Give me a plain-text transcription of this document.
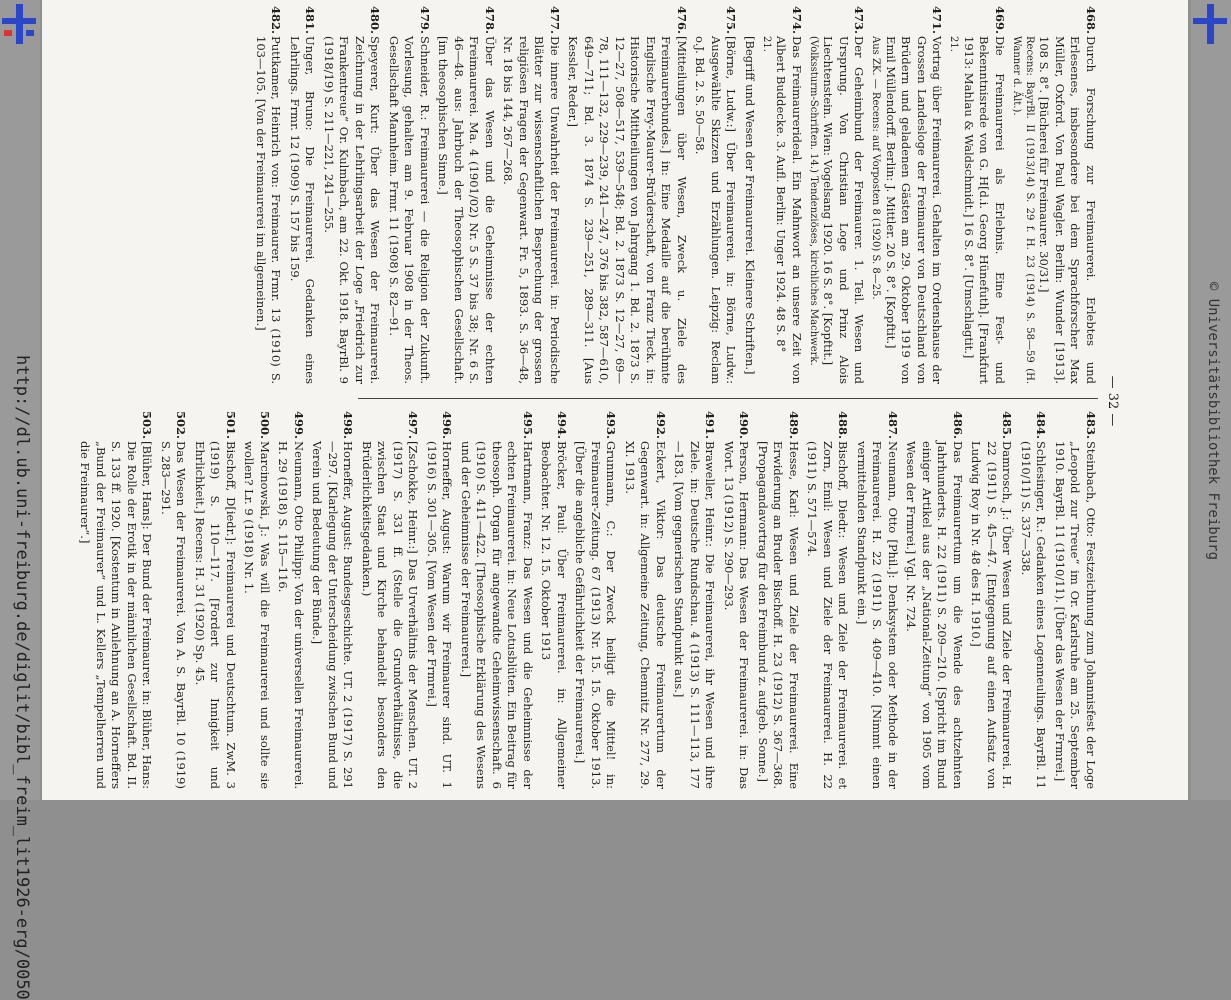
http://dl.ub.uni-freiburg.de/diglit/bibl_freim_lit1926-erg/0050	— 32 —
468.
Durch Forschung zur Freimaurerei. Erlebtes und Erlesenes, insbesondere bei dem Sprachforscher Max Müller, Oxford. Von Paul Wagler. Berlin: Wunder [1913]. 108 S. 8°. [Bücherei für Freimaurer. 30/31.]
Recens: BayrBl. II (1913/14) S. 29 f. H. 23 (1914) S. 58—59 (H. Wanner d. Ält.).
469.
Die Freimaurerei als Erlebnis. Eine Fest- und Bekenntnisrede von G. H[d.i. Georg Hünefuth]. [Frankfurt 1913: Mahlau & Waldschmidt.] 16 S. 8°. [Umschlagtit.]
21.
471.
Vortrag über Freimaurerei. Gehalten im Ordenshause der Grossen Landesloge der Freimaurer von Deutschland von Brüdern und geladenen Gästen am 29. Oktober 1919 von Emil Müllendorff. Berlin: J. Mittler. 20 S. 8°. [Kopftit.]
Aus ZK. — Recens: auf Vorposten 8 (1920) S. 8—25.
473.
Der Geheimbund der Freimaurer. 1. Teil. Wesen und Ursprung. Von Christian Loge und Prinz Alois Liechtenstein. Wien: Vogelsang 1920. 16 S. 8°. [Kopftit.]
(Volkssturm-Schriften. 14.) Tendenziöses, kirchliches Machwerk.
474.
Das Freimaurerideal. Ein Mahnwort an unsere Zeit von Albert Buddecke. 3. Aufl. Berlin: Unger 1924. 48 S. 8°
21.
[Begriff und Wesen der Freimaurerei. Kleinere Schriften.]
475.
[Börne, Ludw.:] Über Freimaurerei. in: Börne, Ludw.: Ausgewählte Skizzen und Erzählungen. Leipzig: Reclam o.J. Bd. 2. S. 50—58.
476.
[Mitteilungen über Wesen, Zweck u. Ziele des Freimaurerbundes.] in: Eine Medaille auf die berühmte Englische Frey-Maurer-Brüderschaft, von Franz Tieck. in: Historische Mittheilungen von Jahrgang 1. Bd. 2. 1873 S. 12—27, 508—517, 539—548; Bd. 2. 1873 S. 12—27, 69—78, 111—132, 229—239, 241—247, 376 bis 382, 587—610, 649—711; Bd. 3. 1874 S. 239—251, 289—311. [Aus Kessler, Reder.]
477.
Die innere Unwahrheit der Freimaurerei. in: Periodische Blätter zur wissenschaftlichen Besprechung der grossen religiösen Fragen der Gegenwart. Fr. 5, 1893. S. 36—48, Nr. 18 bis 144, 267—268.
478.
Über das Wesen und die Geheimnisse der echten Freimaurerei. Ma. 4 (1901/02) Nr. 5 S. 37 bis 38; Nr. 6 S. 46—48. aus: Jahrbuch der Theosophischen Gesellschaft. [im theosophischen Sinne.]
479.
Schneider, R.: Freimaurerei — die Religion der Zukunft. Vorlesung, gehalten am 9. Februar 1908 in der Theos. Gesellschaft Mannheim. Frmr. 11 (1908) S. 82—91.
480.
Speyerer, Kurt: Über das Wesen der Freimaurerei. Zeichnung in der Lehrlingsarbeit der Loge „Friedrich zur Frankentreue“ Or. Kulmbach, am 22. Okt. 1918. BayrBl. 9 (1918/19) S. 211—221, 241—255.
481.
Unger, Bruno: Die Freimaurerei. Gedanken eines Lehrlings. Frmr. 12 (1909) S. 157 bis 159.
482.
Puttkamer, Heinrich von: Freimaurer. Frmr. 13 (1910) S. 103—105. [Von der Freimaurerei im allgemeinen.]
483.
Steinbach, Otto: Festzeichnung zum Johannisfest der Loge „Leopold zur Treue“ im Or. Karlsruhe am 25. September 1910. BayrBl. 11 (1910/11). [Über das Wesen der Frmrei.]
484.
Schlesinger, R.: Gedanken eines Logenneulings. BayrBl. 11 (1910/11) S. 337—338.
485.
Damrosch, J.: Über Wesen und Ziele der Freimaurerei. H. 22 (1911) S. 45—47. [Entgegnung auf einen Aufsatz von Ludwig Roy in Nr. 48 des H. 1910.]
486.
Das Freimaurertum um die Wende des achtzehnten Jahrhunderts. H. 22 (1911) S. 209—210. [Spricht im Bund einiger Artikel aus der „National-Zeitung“ von 1905 vom Wesen der Frmrei.] Vgl. Nr. 724.
487.
Neumann, Otto [Phil.]: Denksystem oder Methode in der Freimaurerei. H. 22 (1911) S. 409—410. [Nimmt einen vermittelnden Standpunkt ein.]
488.
Bischoff, Diedr.: Wesen und Ziele der Freimaurerei. et Zorn, Emil: Wesen und Ziele der Freimaurerei. H. 22 (1911) S. 571—574.
489.
Hesse, Karl: Wesen und Ziele der Freimaurerei. Eine Erwiderung an Bruder Bischoff. H. 23 (1912) S. 367—368. [Propagandavortrag für den Freimbund z. aufgeb. Sonne.]
490.
Person, Hermann: Das Wesen der Freimaurerei. in: Das Wort. 13 (1912) S. 290—293.
491.
Braweller, Heinr.: Die Freimaurerei, ihr Wesen und ihre Ziele. in: Deutsche Rundschau. 4 (1913) S. 111—113, 177—183. [Vom gegnerischen Standpunkt aus.]
492.
Eckert, Viktor: Das deutsche Freimaurertum der Gegenwart. in: Allgemeine Zeitung, Chemnitz Nr. 277, 29. XI. 1913.
493.
Grunmann, C.: Der Zweck heiligt die Mittel! in: Freimaurer-Zeitung. 67 (1913) Nr. 15. 15. Oktober 1913. [Über die angebliche Gefährlichkeit der Freimaurerei.]
494.
Bröcker, Paul: Über Freimaurerei. in: Allgemeiner Beobachter. Nr. 12. 15. Oktober 1913
495.
Hartmann, Franz: Das Wesen und die Geheimnisse der echten Freimaurerei. in: Neue Lotusblüten. Ein Beitrag für theosoph. Organ für angewandte Geheimwissenschaft. 6 (1910) S. 411—422. [Theosophische Erklärung des Wesens und der Geheimnisse der Freimaurerei.]
496.
Horneffer, August: Warum wir Freimaurer sind. UT. 1 (1916) S. 301—305. [Vom Wesen der Frmrei.]
497.
[Zschokke, Heinr.:] Das Urverhältnis der Menschen. UT. 2 (1917) S. 331 ff. (Stelle die Grundverhältnisse, die zwischen Staat und Kirche behandelt besonders den Brüderlichkeitsgedanken.)
498.
Horneffer, August: Bundesgeschichte. UT. 2 (1917) S. 291—297. [Klarlegung der Unterscheidung zwischen Bund und Verein und Bedeutung der Bünde.]
499.
Neumann, Otto Philipp: Von der universellen Freimaurerei. H. 29 (1918) S. 115—116.
500.
Marcinowski, J.: Was will die Freimaurerei und sollte sie wollen? Lr. 9 (1918) Nr. 1.
501.
Bischoff, D[iedr.]: Freimaurerei und Deutschtum. ZwM. 3 (1919) S. 110—117. [Fordert zur Innigkeit und Ehrlichkeit.] Recens: H. 31 (1920) Sp. 45.
502.
Das Wesen der Freimaurerei. Von A. S. BayrBl. 10 (1919) S. 283—291.
503.
[Blüher, Hans]: Der Bund der Freimaurer. in: Blüher, Hans: Die Rolle der Erotik in der männlichen Gesellschaft. Bd. II. S. 133 ff. 1920. [Kostentum in Anlehnung an A. Horneffers „Bund der Freimaurer“ und L. Kellers „Tempelherren und die Freimaurer“.]	© Universitätsbibliothek Freiburg
